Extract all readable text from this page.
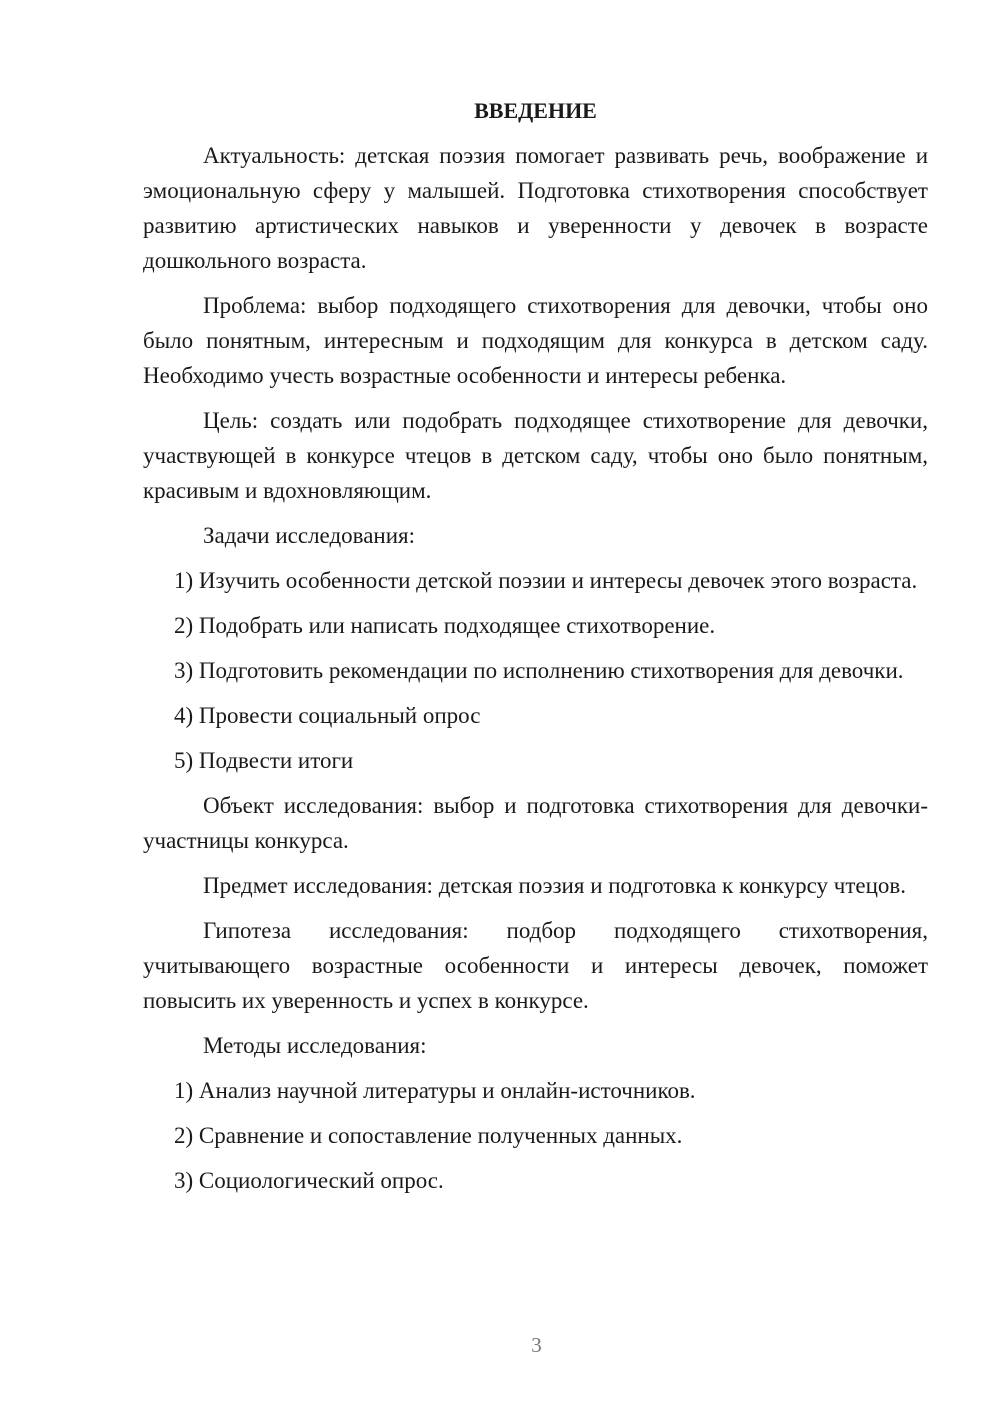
ВВЕДЕНИЕ

Актуальность: детская поэзия помогает развивать речь, воображение и эмоциональную сферу у малышей. Подготовка стихотворения способствует развитию артистических навыков и уверенности у девочек в возрасте дошкольного возраста.

Проблема: выбор подходящего стихотворения для девочки, чтобы оно было понятным, интересным и подходящим для конкурса в детском саду. Необходимо учесть возрастные особенности и интересы ребенка.

Цель: создать или подобрать подходящее стихотворение для девочки, участвующей в конкурсе чтецов в детском саду, чтобы оно было понятным, красивым и вдохновляющим.

Задачи исследования:

1) Изучить особенности детской поэзии и интересы девочек этого возраста.

2) Подобрать или написать подходящее стихотворение.

3) Подготовить рекомендации по исполнению стихотворения для девочки.

4) Провести социальный опрос

5) Подвести итоги

Объект исследования: выбор и подготовка стихотворения для девочки-участницы конкурса.

Предмет исследования: детская поэзия и подготовка к конкурсу чтецов.

Гипотеза исследования: подбор подходящего стихотворения, учитывающего возрастные особенности и интересы девочек, поможет повысить их уверенность и успех в конкурсе.

Методы исследования:

1) Анализ научной литературы и онлайн-источников.

2) Сравнение и сопоставление полученных данных.

3) Социологический опрос.

3
